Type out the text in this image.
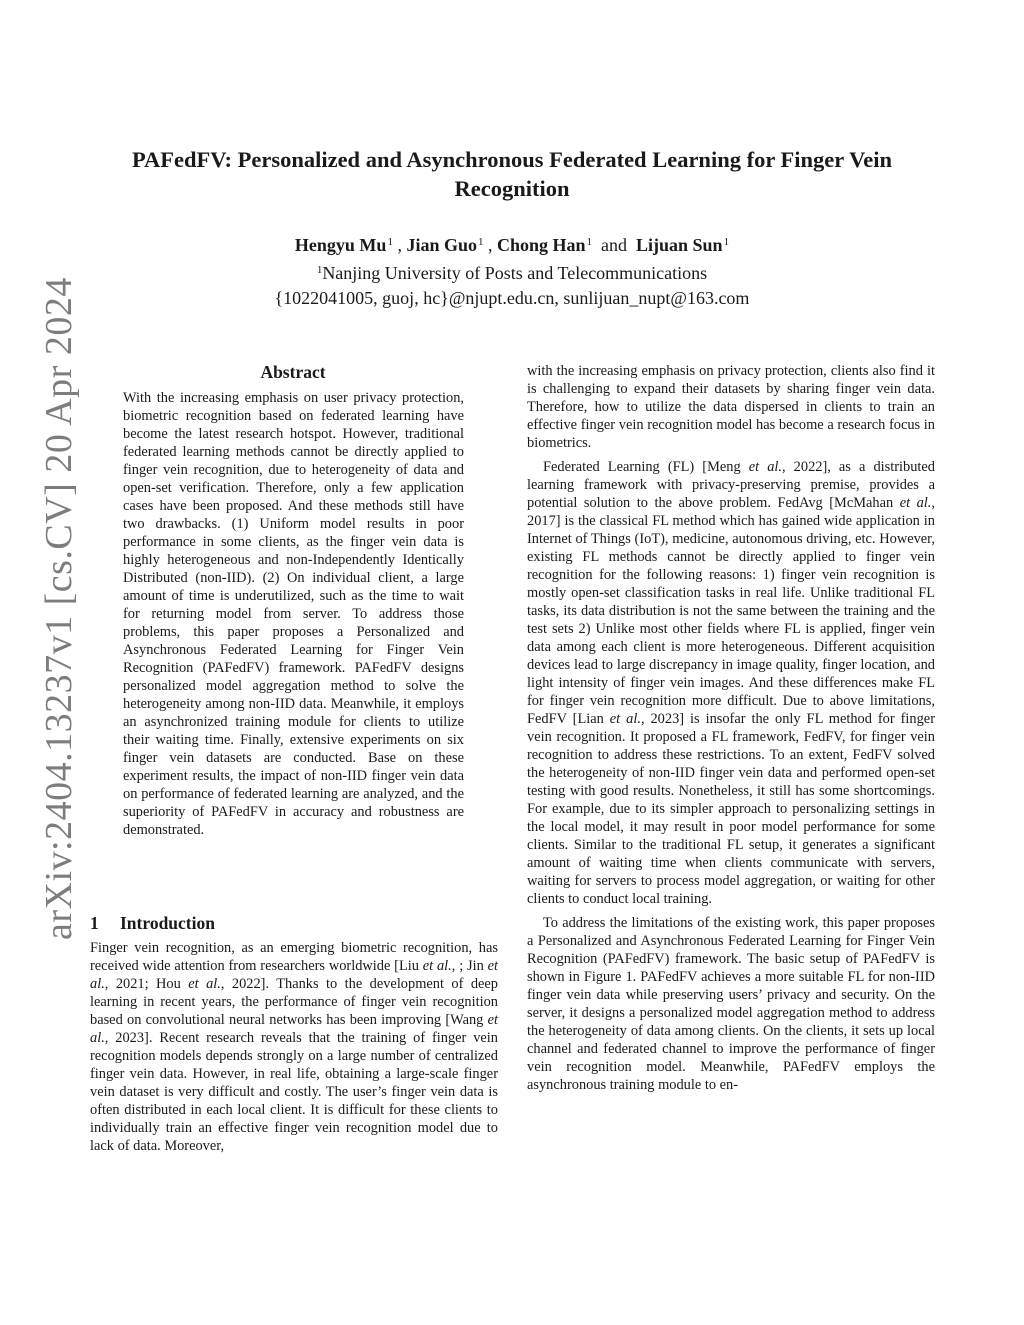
arXiv:2404.13237v1 [cs.CV] 20 Apr 2024
PAFedFV: Personalized and Asynchronous Federated Learning for Finger Vein Recognition
Hengyu Mu$^1$ , Jian Guo$^1$ , Chong Han$^1$  and  Lijuan Sun$^1$
$^1$Nanjing University of Posts and Telecommunications
{1022041005, guoj, hc}@njupt.edu.cn, sunlijuan_nupt@163.com
Abstract

With the increasing emphasis on user privacy protection, biometric recognition based on federated learning have become the latest research hotspot. However, traditional federated learning methods cannot be directly applied to finger vein recognition, due to heterogeneity of data and open-set verification. Therefore, only a few application cases have been proposed. And these methods still have two drawbacks. (1) Uniform model results in poor performance in some clients, as the finger vein data is highly heterogeneous and non-Independently Identically Distributed (non-IID). (2) On individual client, a large amount of time is underutilized, such as the time to wait for returning model from server. To address those problems, this paper proposes a Personalized and Asynchronous Federated Learning for Finger Vein Recognition (PAFedFV) framework. PAFedFV designs personalized model aggregation method to solve the heterogeneity among non-IID data. Meanwhile, it employs an asynchronized training module for clients to utilize their waiting time. Finally, extensive experiments on six finger vein datasets are conducted. Base on these experiment results, the impact of non-IID finger vein data on performance of federated learning are analyzed, and the superiority of PAFedFV in accuracy and robustness are demonstrated.

1 Introduction

Finger vein recognition, as an emerging biometric recognition, has received wide attention from researchers worldwide [Liu et al., ; Jin et al., 2021; Hou et al., 2022]. Thanks to the development of deep learning in recent years, the performance of finger vein recognition based on convolutional neural networks has been improving [Wang et al., 2023]. Recent research reveals that the training of finger vein recognition models depends strongly on a large number of centralized finger vein data. However, in real life, obtaining a large-scale finger vein dataset is very difficult and costly. The user’s finger vein data is often distributed in each local client. It is difficult for these clients to individually train an effective finger vein recognition model due to lack of data. Moreover,

with the increasing emphasis on privacy protection, clients also find it is challenging to expand their datasets by sharing finger vein data. Therefore, how to utilize the data dispersed in clients to train an effective finger vein recognition model has become a research focus in biometrics.

Federated Learning (FL) [Meng et al., 2022], as a distributed learning framework with privacy-preserving premise, provides a potential solution to the above problem. FedAvg [McMahan et al., 2017] is the classical FL method which has gained wide application in Internet of Things (IoT), medicine, autonomous driving, etc. However, existing FL methods cannot be directly applied to finger vein recognition for the following reasons: 1) finger vein recognition is mostly open-set classification tasks in real life. Unlike traditional FL tasks, its data distribution is not the same between the training and the test sets 2) Unlike most other fields where FL is applied, finger vein data among each client is more heterogeneous. Different acquisition devices lead to large discrepancy in image quality, finger location, and light intensity of finger vein images. And these differences make FL for finger vein recognition more difficult. Due to above limitations, FedFV [Lian et al., 2023] is insofar the only FL method for finger vein recognition. It proposed a FL framework, FedFV, for finger vein recognition to address these restrictions. To an extent, FedFV solved the heterogeneity of non-IID finger vein data and performed open-set testing with good results. Nonetheless, it still has some shortcomings. For example, due to its simpler approach to personalizing settings in the local model, it may result in poor model performance for some clients. Similar to the traditional FL setup, it generates a significant amount of waiting time when clients communicate with servers, waiting for servers to process model aggregation, or waiting for other clients to conduct local training.

To address the limitations of the existing work, this paper proposes a Personalized and Asynchronous Federated Learning for Finger Vein Recognition (PAFedFV) framework. The basic setup of PAFedFV is shown in Figure 1. PAFedFV achieves a more suitable FL for non-IID finger vein data while preserving users’ privacy and security. On the server, it designs a personalized model aggregation method to address the heterogeneity of data among clients. On the clients, it sets up local channel and federated channel to improve the performance of finger vein recognition model. Meanwhile, PAFedFV employs the asynchronous training module to en-
